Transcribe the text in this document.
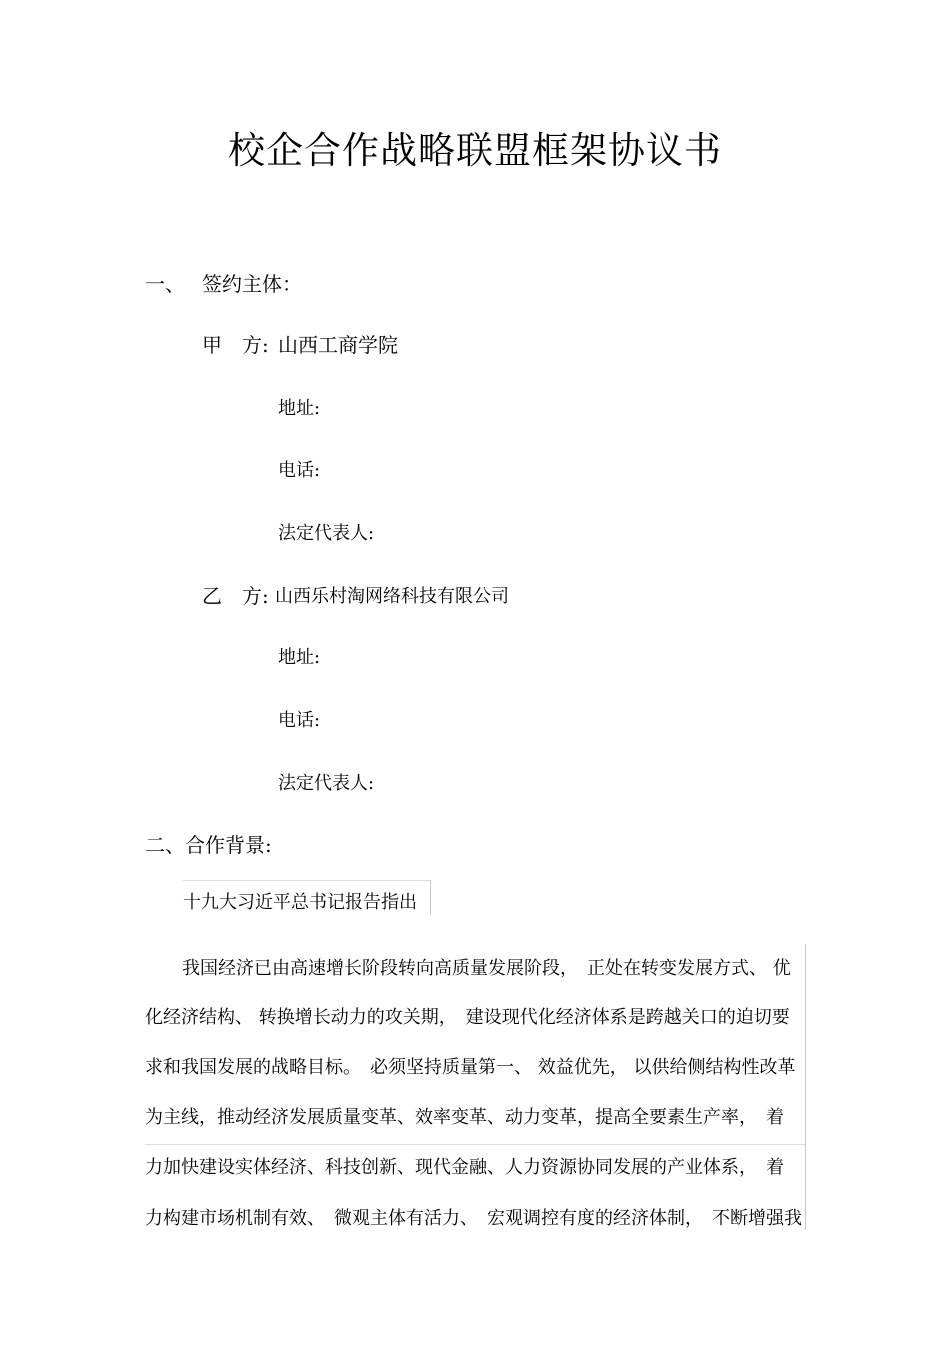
校企合作战略联盟框架协议书
一、 签约主体：
甲　方: 山西工商学院
地址:
电话:
法定代表人:
乙　方: 山西乐村淘网络科技有限公司
地址:
电话:
法定代表人:
二、合作背景:
十九大习近平总书记报告指出
我国经济已由高速增长阶段转向高质量发展阶段，　正处在转变发展方式、 优
化经济结构、 转换增长动力的攻关期，　建设现代化经济体系是跨越关口的迫切要
求和我国发展的战略目标。　必须坚持质量第一、 效益优先， 以供给侧结构性改革
为主线，推动经济发展质量变革、效率变革、动力变革，提高全要素生产率，　着
力加快建设实体经济、科技创新、现代金融、人力资源协同发展的产业体系，　着
力构建市场机制有效、　微观主体有活力、　宏观调控有度的经济体制，　不断增强我
